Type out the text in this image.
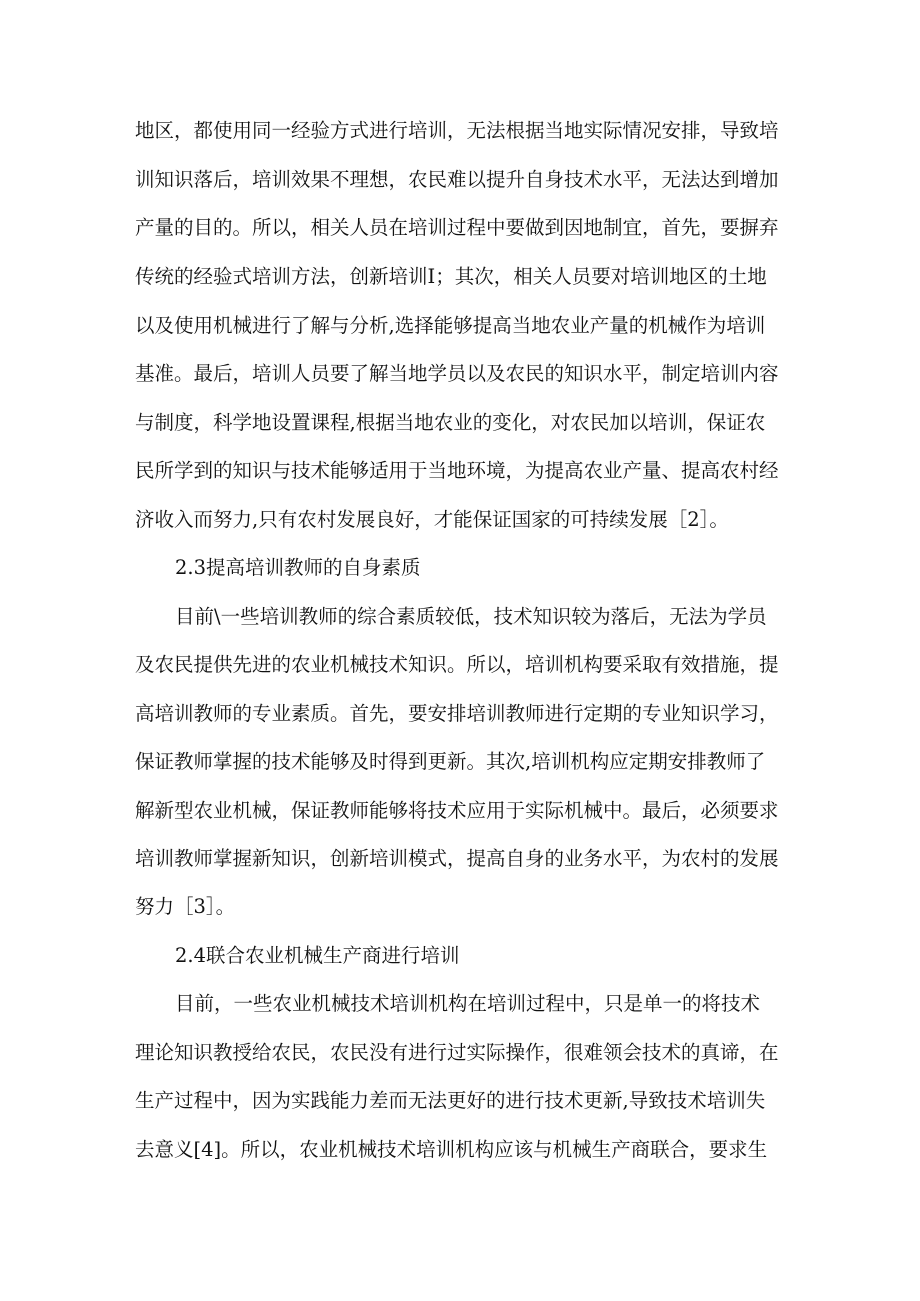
地区，都使用同一经验方式进行培训，无法根据当地实际情况安排，导致培

训知识落后，培训效果不理想，农民难以提升自身技术水平，无法达到增加

产量的目的。所以，相关人员在培训过程中要做到因地制宜，首先，要摒弃

传统的经验式培训方法，创新培训I；其次，相关人员要对培训地区的土地

以及使用机械进行了解与分析,选择能够提高当地农业产量的机械作为培训

基准。最后，培训人员要了解当地学员以及农民的知识水平，制定培训内容

与制度，科学地设置课程,根据当地农业的变化，对农民加以培训，保证农

民所学到的知识与技术能够适用于当地环境，为提高农业产量、提高农村经

济收入而努力,只有农村发展良好，才能保证国家的可持续发展［2］。

2.3提高培训教师的自身素质

目前\一些培训教师的综合素质较低，技术知识较为落后，无法为学员

及农民提供先进的农业机械技术知识。所以，培训机构要采取有效措施，提

高培训教师的专业素质。首先，要安排培训教师进行定期的专业知识学习，

保证教师掌握的技术能够及时得到更新。其次,培训机构应定期安排教师了

解新型农业机械，保证教师能够将技术应用于实际机械中。最后，必须要求

培训教师掌握新知识，创新培训模式，提高自身的业务水平，为农村的发展

努力［3］。

2.4联合农业机械生产商进行培训

目前，一些农业机械技术培训机构在培训过程中，只是单一的将技术

理论知识教授给农民，农民没有进行过实际操作，很难领会技术的真谛，在

生产过程中，因为实践能力差而无法更好的进行技术更新,导致技术培训失

去意义[4]。所以，农业机械技术培训机构应该与机械生产商联合，要求生
